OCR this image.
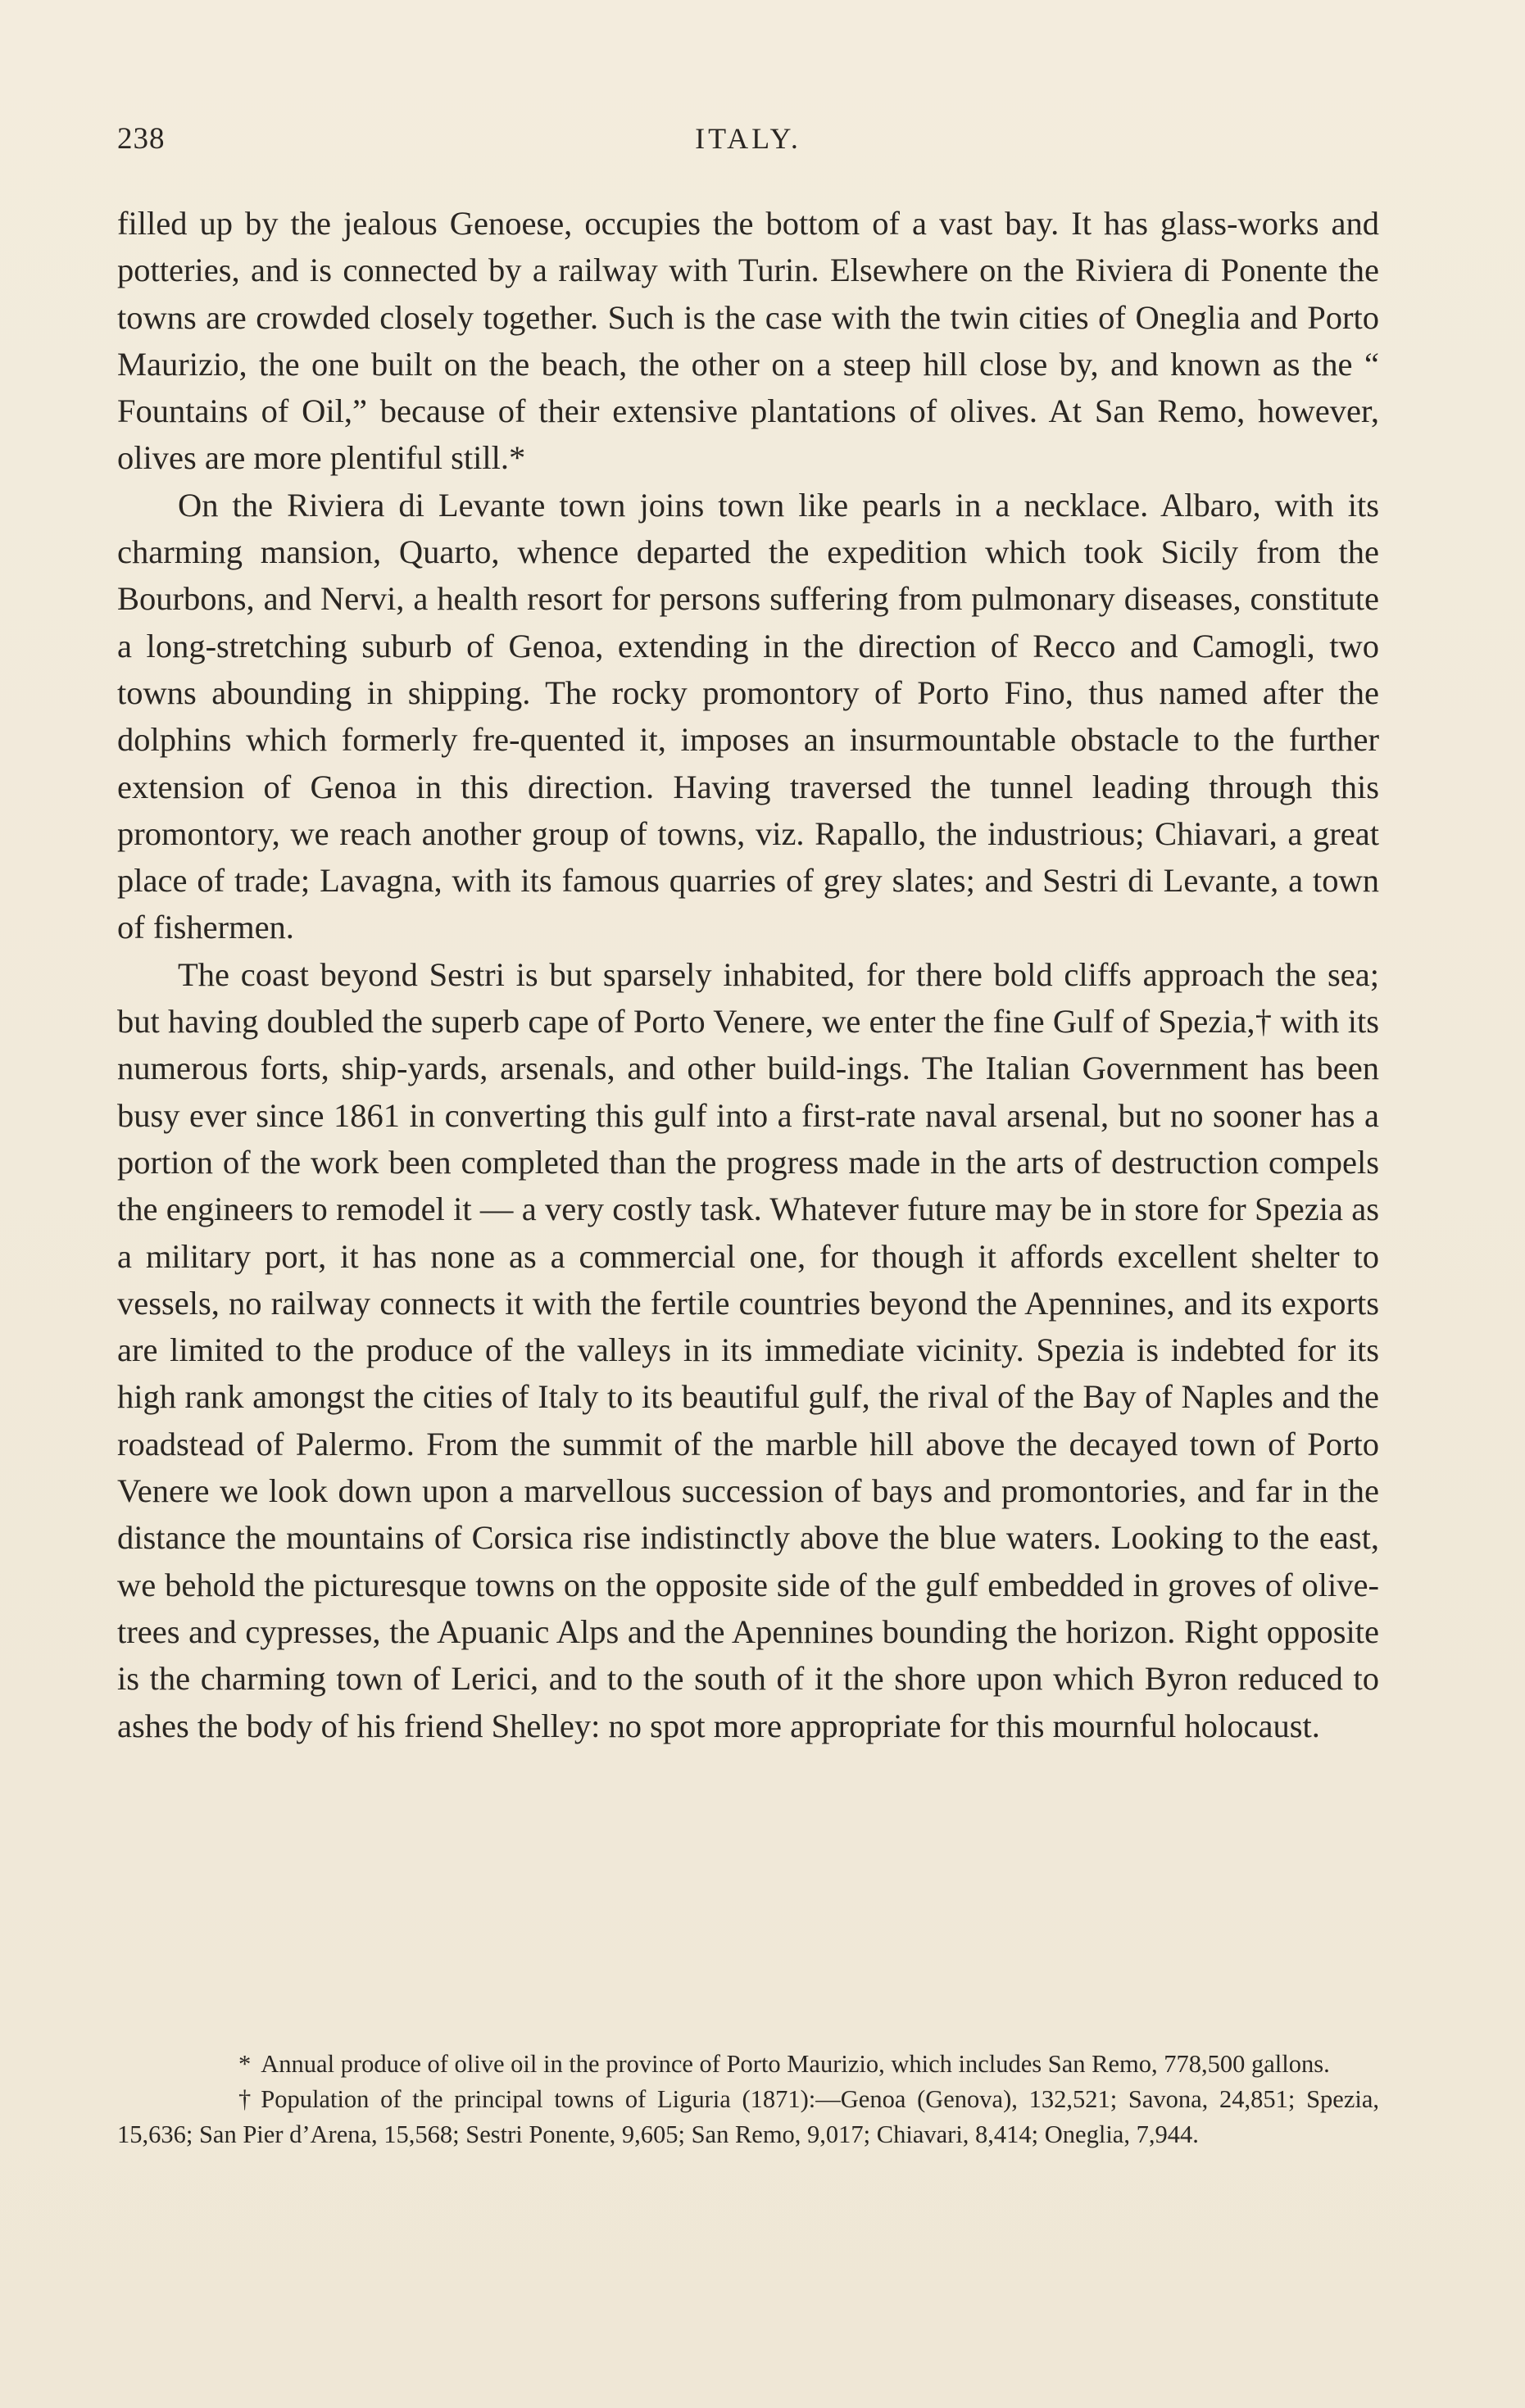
238	ITALY.

filled up by the jealous Genoese, occupies the bottom of a vast bay. It has glass-works and potteries, and is connected by a railway with Turin. Elsewhere on the Riviera di Ponente the towns are crowded closely together. Such is the case with the twin cities of Oneglia and Porto Maurizio, the one built on the beach, the other on a steep hill close by, and known as the “ Fountains of Oil,” because of their extensive plantations of olives. At San Remo, however, olives are more plentiful still.*

On the Riviera di Levante town joins town like pearls in a necklace. Albaro, with its charming mansion, Quarto, whence departed the expedition which took Sicily from the Bourbons, and Nervi, a health resort for persons suffering from pulmonary diseases, constitute a long-stretching suburb of Genoa, extending in the direction of Recco and Camogli, two towns abounding in shipping. The rocky promontory of Porto Fino, thus named after the dolphins which formerly fre-quented it, imposes an insurmountable obstacle to the further extension of Genoa in this direction. Having traversed the tunnel leading through this promontory, we reach another group of towns, viz. Rapallo, the industrious; Chiavari, a great place of trade; Lavagna, with its famous quarries of grey slates; and Sestri di Levante, a town of fishermen.

The coast beyond Sestri is but sparsely inhabited, for there bold cliffs approach the sea; but having doubled the superb cape of Porto Venere, we enter the fine Gulf of Spezia,† with its numerous forts, ship-yards, arsenals, and other build-ings. The Italian Government has been busy ever since 1861 in converting this gulf into a first-rate naval arsenal, but no sooner has a portion of the work been completed than the progress made in the arts of destruction compels the engineers to remodel it — a very costly task. Whatever future may be in store for Spezia as a military port, it has none as a commercial one, for though it affords excellent shelter to vessels, no railway connects it with the fertile countries beyond the Apennines, and its exports are limited to the produce of the valleys in its immediate vicinity. Spezia is indebted for its high rank amongst the cities of Italy to its beautiful gulf, the rival of the Bay of Naples and the roadstead of Palermo. From the summit of the marble hill above the decayed town of Porto Venere we look down upon a marvellous succession of bays and promontories, and far in the distance the mountains of Corsica rise indistinctly above the blue waters. Looking to the east, we behold the picturesque towns on the opposite side of the gulf embedded in groves of olive-trees and cypresses, the Apuanic Alps and the Apennines bounding the horizon. Right opposite is the charming town of Lerici, and to the south of it the shore upon which Byron reduced to ashes the body of his friend Shelley: no spot more appropriate for this mournful holocaust.

* Annual produce of olive oil in the province of Porto Maurizio, which includes San Remo, 778,500 gallons.

† Population of the principal towns of Liguria (1871):—Genoa (Genova), 132,521; Savona, 24,851; Spezia, 15,636; San Pier d’Arena, 15,568; Sestri Ponente, 9,605; San Remo, 9,017; Chiavari, 8,414; Oneglia, 7,944.
